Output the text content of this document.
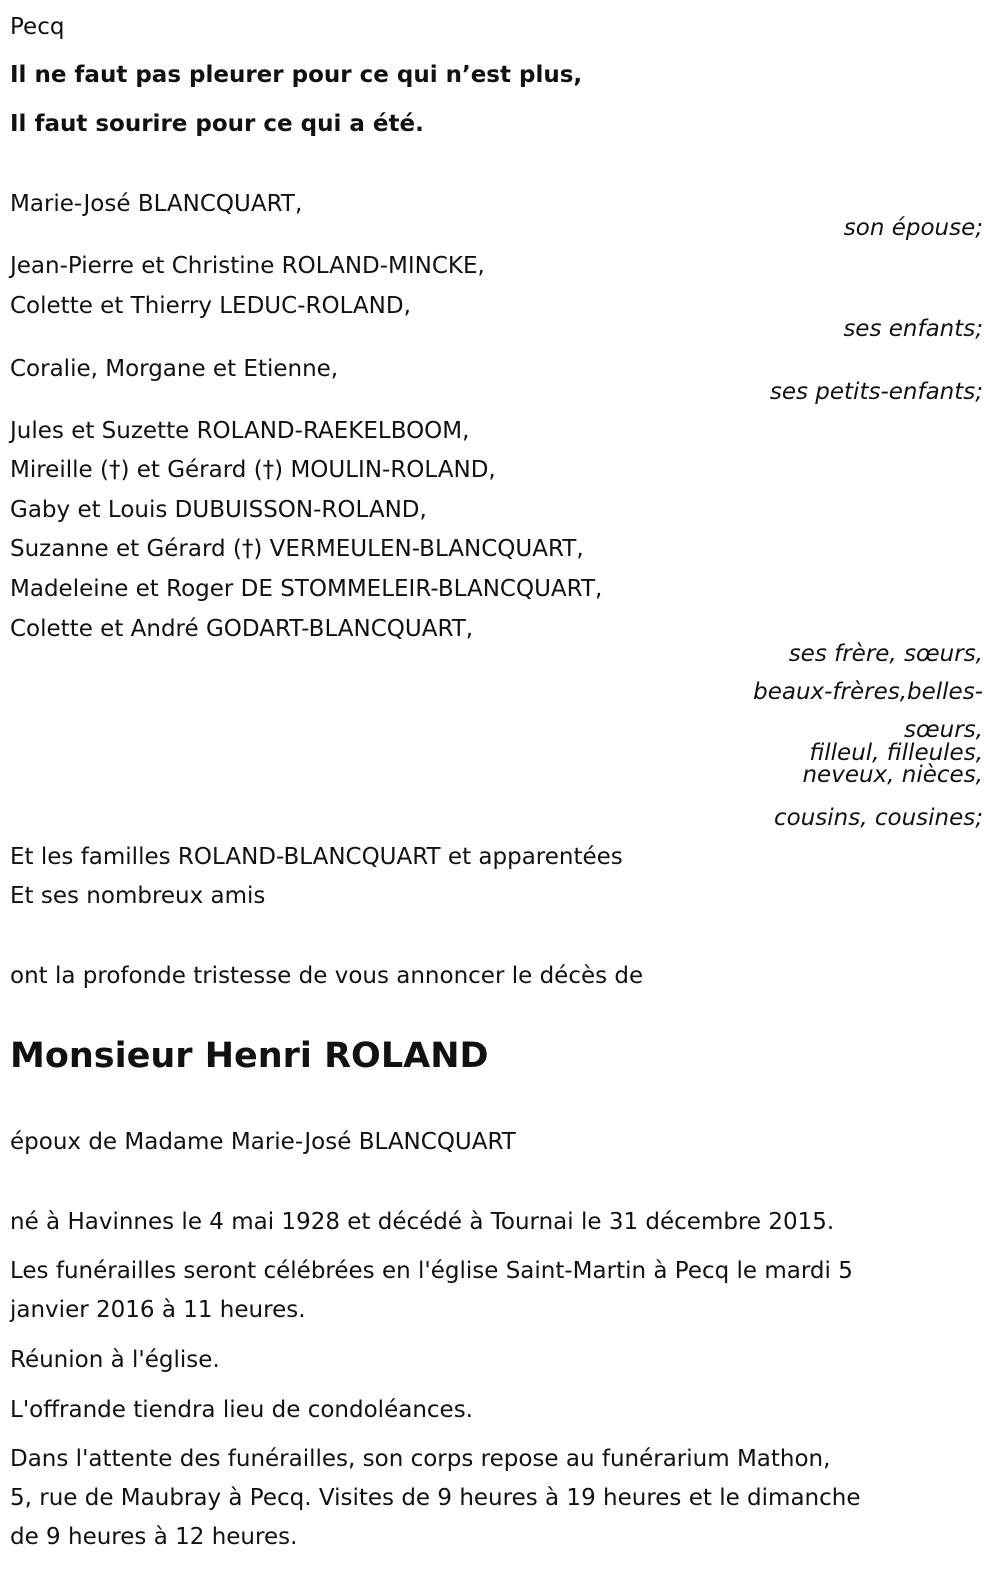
Pecq
Il ne faut pas pleurer pour ce qui n’est plus,
Il faut sourire pour ce qui a été.
Marie-José BLANCQUART,
son épouse;
Jean-Pierre et Christine ROLAND-MINCKE,
Colette et Thierry LEDUC-ROLAND,
ses enfants;
Coralie, Morgane et Etienne,
ses petits-enfants;
Jules et Suzette ROLAND-RAEKELBOOM,
Mireille (†) et Gérard (†) MOULIN-ROLAND,
Gaby et Louis DUBUISSON-ROLAND,
Suzanne et Gérard (†) VERMEULEN-BLANCQUART,
Madeleine et Roger DE STOMMELEIR-BLANCQUART,
Colette et André GODART-BLANCQUART,
ses frère, sœurs,
beaux-frères,belles-
sœurs,
filleul, filleules,
neveux, nièces,
cousins, cousines;
Et les familles ROLAND-BLANCQUART et apparentées
Et ses nombreux amis
ont la profonde tristesse de vous annoncer le décès de
Monsieur Henri ROLAND
époux de Madame Marie-José BLANCQUART
né à Havinnes le 4 mai 1928 et décédé à Tournai le 31 décembre 2015.
Les funérailles seront célébrées en l'église Saint-Martin à Pecq le mardi 5
janvier 2016 à 11 heures.
Réunion à l'église.
L'offrande tiendra lieu de condoléances.
Dans l'attente des funérailles, son corps repose au funérarium Mathon,
5, rue de Maubray à Pecq. Visites de 9 heures à 19 heures et le dimanche
de 9 heures à 12 heures.
